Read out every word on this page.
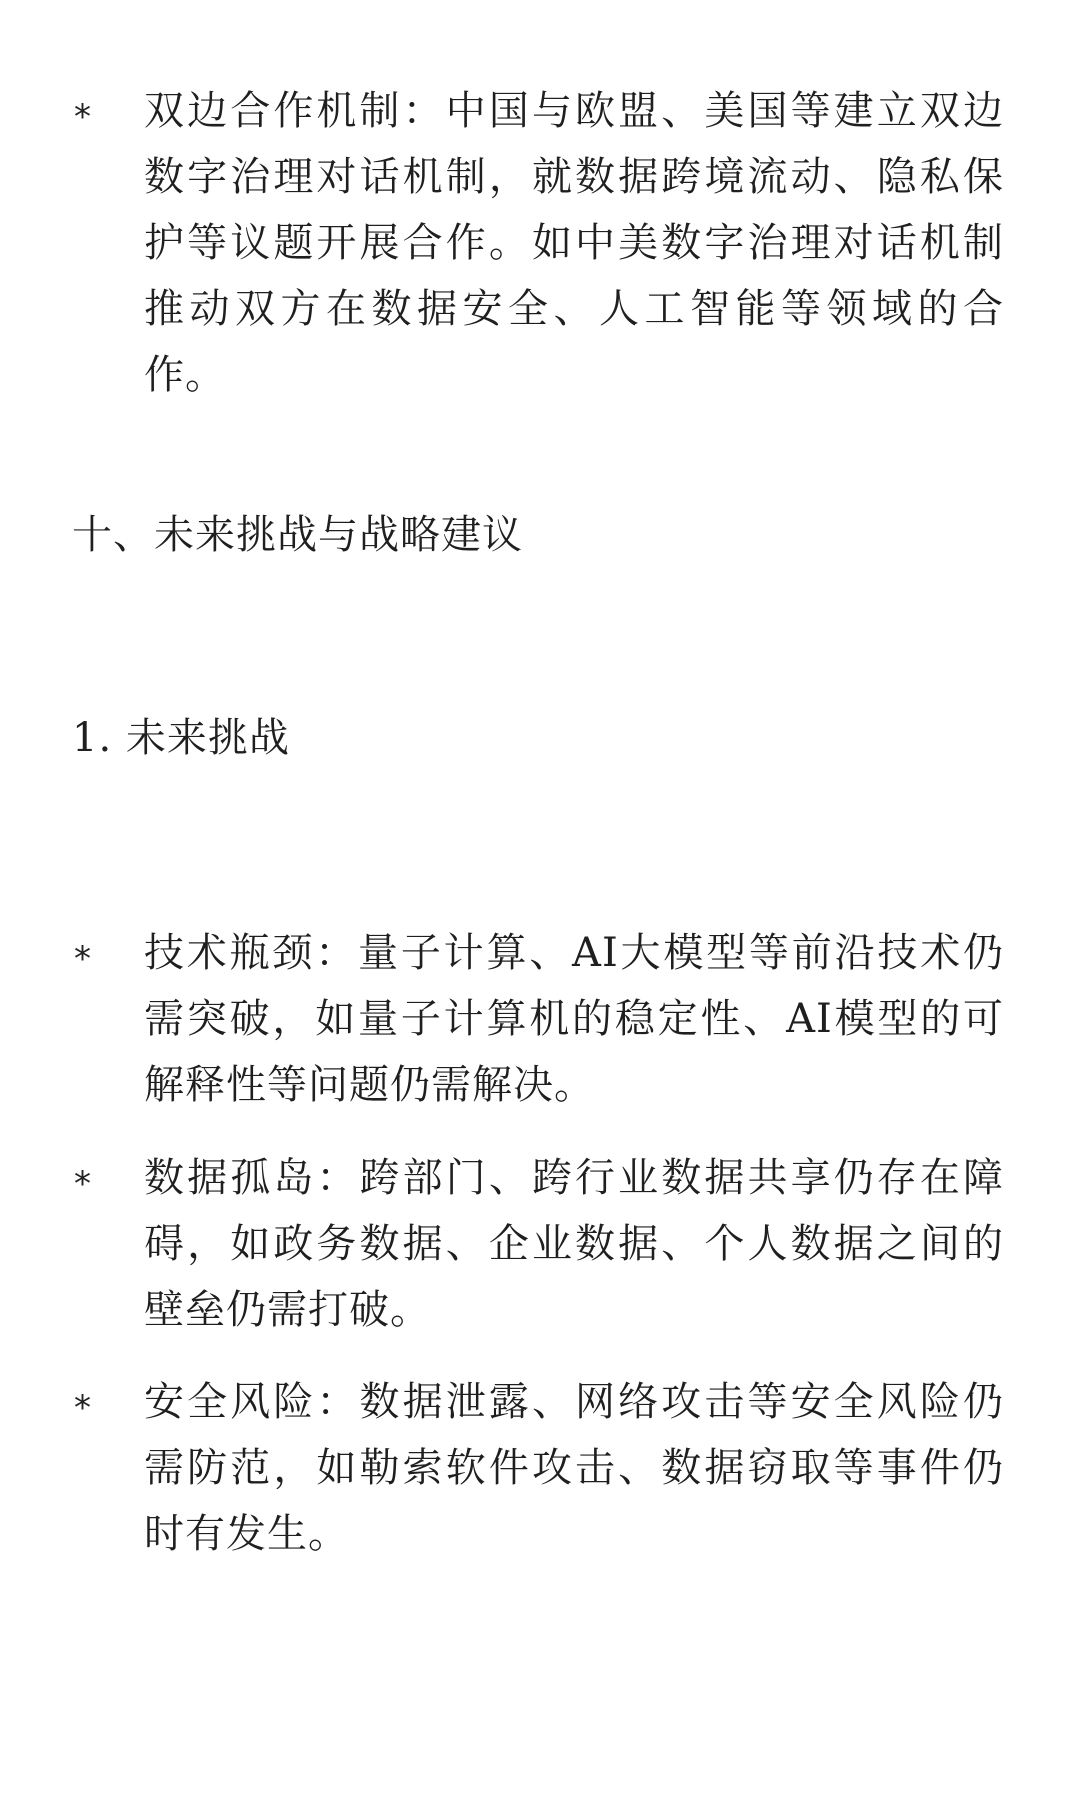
* 双边合作机制：中国与欧盟、美国等建立双边数字治理对话机制，就数据跨境流动、隐私保护等议题开展合作。如中美数字治理对话机制推动双方在数据安全、人工智能等领域的合作。
十、未来挑战与战略建议
1. 未来挑战
* 技术瓶颈：量子计算、AI大模型等前沿技术仍需突破，如量子计算机的稳定性、AI模型的可解释性等问题仍需解决。
* 数据孤岛：跨部门、跨行业数据共享仍存在障碍，如政务数据、企业数据、个人数据之间的壁垒仍需打破。
* 安全风险：数据泄露、网络攻击等安全风险仍需防范，如勒索软件攻击、数据窃取等事件仍时有发生。
